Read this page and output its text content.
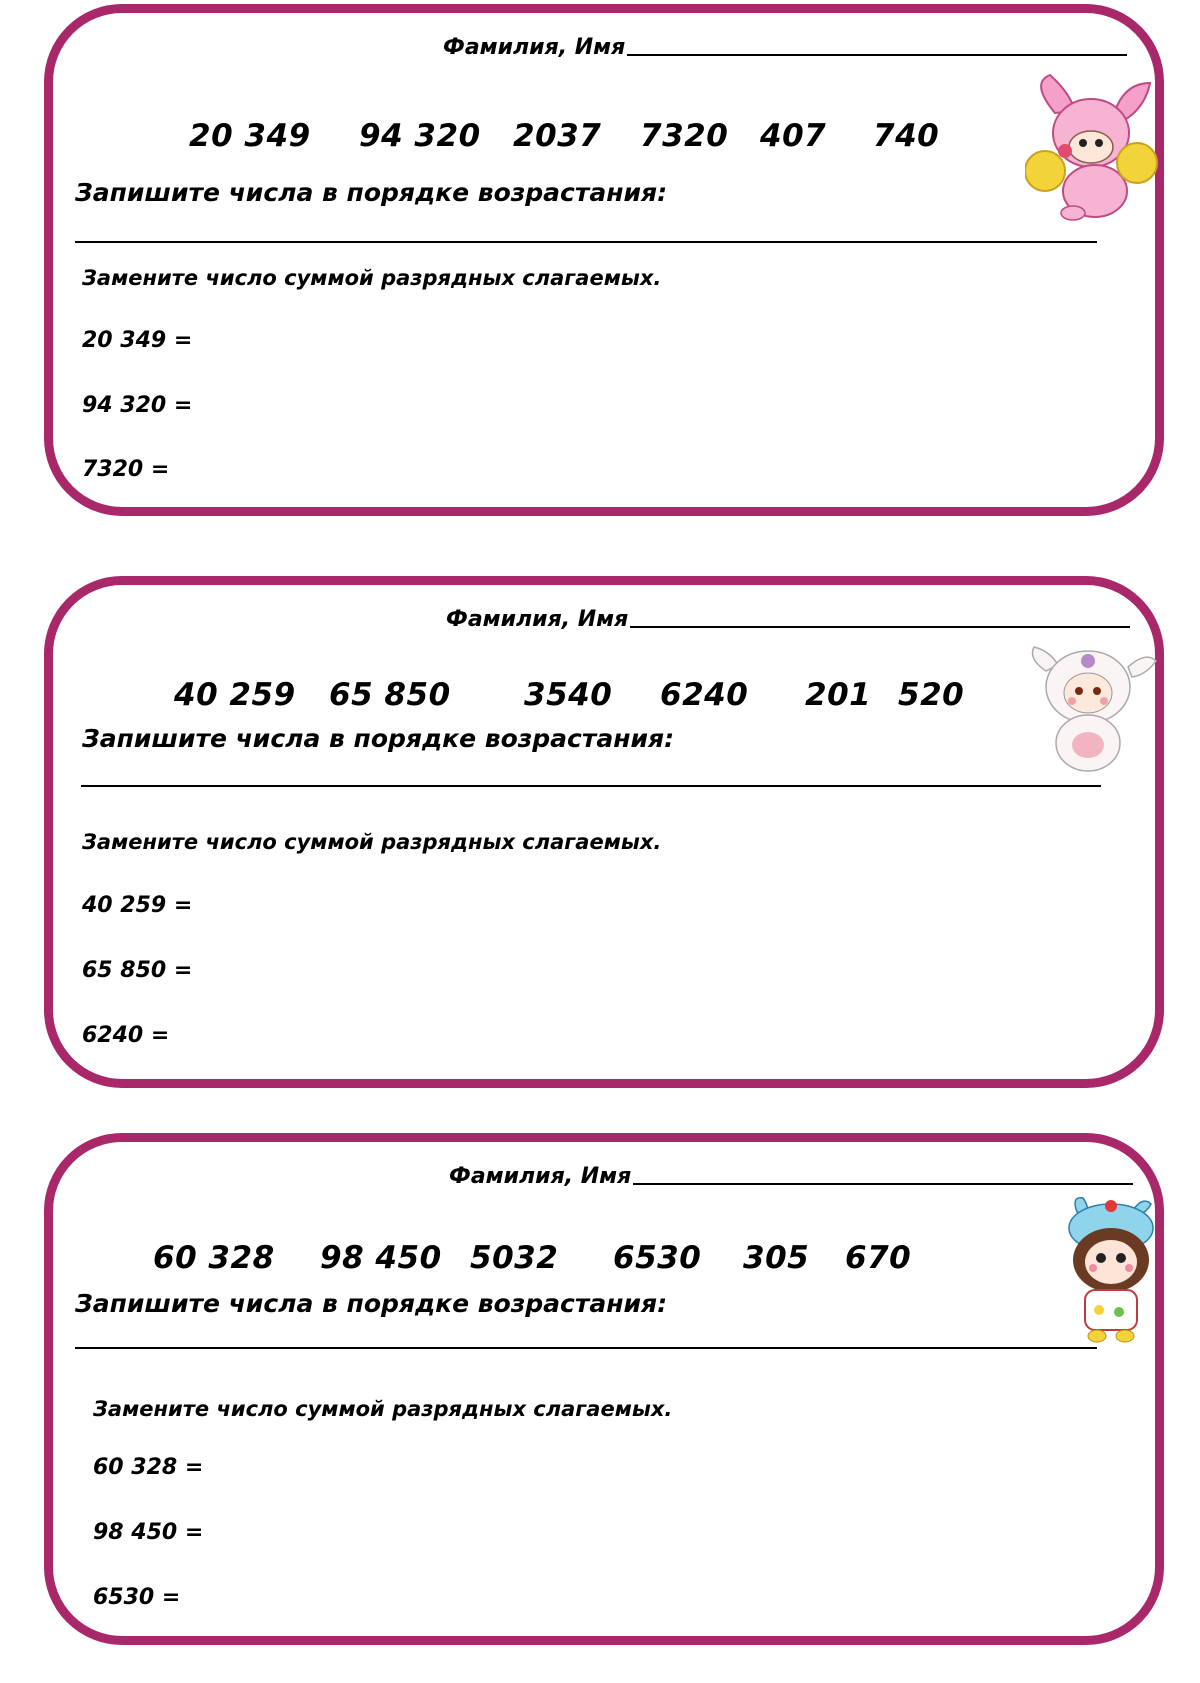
Фамилия, Имя
20 349 94 320 2037 7320 407 740
Запишите числа в порядке возрастания:
Замените число суммой разрядных слагаемых.
20 349 =
94 320 =
7320 =
Фамилия, Имя
40 259 65 850 3540 6240 201 520
Запишите числа в порядке возрастания:
Замените число суммой разрядных слагаемых.
40 259 =
65 850 =
6240 =
Фамилия, Имя
60 328 98 450 5032 6530 305 670
Запишите числа в порядке возрастания:
Замените число суммой разрядных слагаемых.
60 328 =
98 450 =
6530 =
